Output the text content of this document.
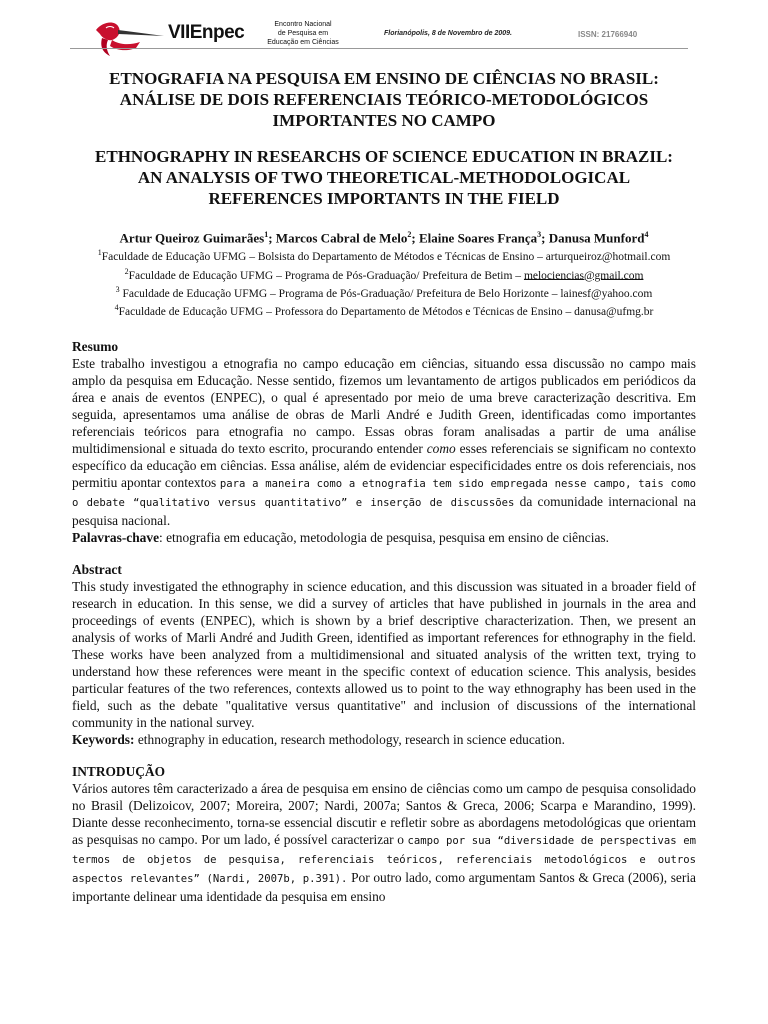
VIIEnpec	Encontro Nacional
de Pesquisa em
Educação em Ciências
Florianópolis, 8 de Novembro de 2009.	ISSN: 21766940
ETNOGRAFIA NA PESQUISA EM ENSINO DE CIÊNCIAS NO BRASIL:
ANÁLISE DE DOIS REFERENCIAIS TEÓRICO-METODOLÓGICOS
IMPORTANTES NO CAMPO
ETHNOGRAPHY IN RESEARCHS OF SCIENCE EDUCATION IN BRAZIL:
AN ANALYSIS OF TWO THEORETICAL-METHODOLOGICAL
REFERENCES IMPORTANTS IN THE FIELD
Artur Queiroz Guimarães$^1$; Marcos Cabral de Melo$^2$; Elaine Soares França$^3$; Danusa Munford$^4$
$^1$Faculdade de Educação UFMG – Bolsista do Departamento de Métodos e Técnicas de Ensino – arturqueiroz@hotmail.com
$^2$Faculdade de Educação UFMG – Programa de Pós-Graduação/ Prefeitura de Betim – melociencias@gmail.com
$^3$ Faculdade de Educação UFMG – Programa de Pós-Graduação/ Prefeitura de Belo Horizonte – lainesf@yahoo.com
$^4$Faculdade de Educação UFMG – Professora do Departamento de Métodos e Técnicas de Ensino – danusa@ufmg.br
Resumo

Este trabalho investigou a etnografia no campo educação em ciências, situando essa discussão no campo mais amplo da pesquisa em Educação. Nesse sentido, fizemos um levantamento de artigos publicados em periódicos da área e anais de eventos (ENPEC), o qual é apresentado por meio de uma breve caracterização descritiva. Em seguida, apresentamos uma análise de obras de Marli André e Judith Green, identificadas como importantes referenciais teóricos para etnografia no campo. Essas obras foram analisadas a partir de uma análise multidimensional e situada do texto escrito, procurando entender como esses referenciais se significam no contexto específico da educação em ciências. Essa análise, além de evidenciar especificidades entre os dois referenciais, nos permitiu apontar contextos para a maneira como a etnografia tem sido empregada nesse campo, tais como o debate “qualitativo versus quantitativo” e inserção de discussões da comunidade internacional na pesquisa nacional.

Palavras-chave: etnografia em educação, metodologia de pesquisa, pesquisa em ensino de ciências.

Abstract

This study investigated the ethnography in science education, and this discussion was situated in a broader field of research in education. In this sense, we did a survey of articles that have published in journals in the area and proceedings of events (ENPEC), which is shown by a brief descriptive characterization. Then, we present an analysis of works of Marli André and Judith Green, identified as important references for ethnography in the field. These works have been analyzed from a multidimensional and situated analysis of the written text, trying to understand how these references were meant in the specific context of education science. This analysis, besides particular features of the two references, contexts allowed us to point to the way ethnography has been used in the field, such as the debate "qualitative versus quantitative" and inclusion of discussions of the international community in the national survey.

Keywords: ethnography in education, research methodology, research in science education.

INTRODUÇÃO

Vários autores têm caracterizado a área de pesquisa em ensino de ciências como um campo de pesquisa consolidado no Brasil (Delizoicov, 2007; Moreira, 2007; Nardi, 2007a; Santos & Greca, 2006; Scarpa e Marandino, 1999). Diante desse reconhecimento, torna-se essencial discutir e refletir sobre as abordagens metodológicas que orientam as pesquisas no campo. Por um lado, é possível caracterizar o campo por sua “diversidade de perspectivas em termos de objetos de pesquisa, referenciais teóricos, referenciais metodológicos e outros aspectos relevantes” (Nardi, 2007b, p.391). Por outro lado, como argumentam Santos & Greca (2006), seria importante delinear uma identidade da pesquisa em ensino
